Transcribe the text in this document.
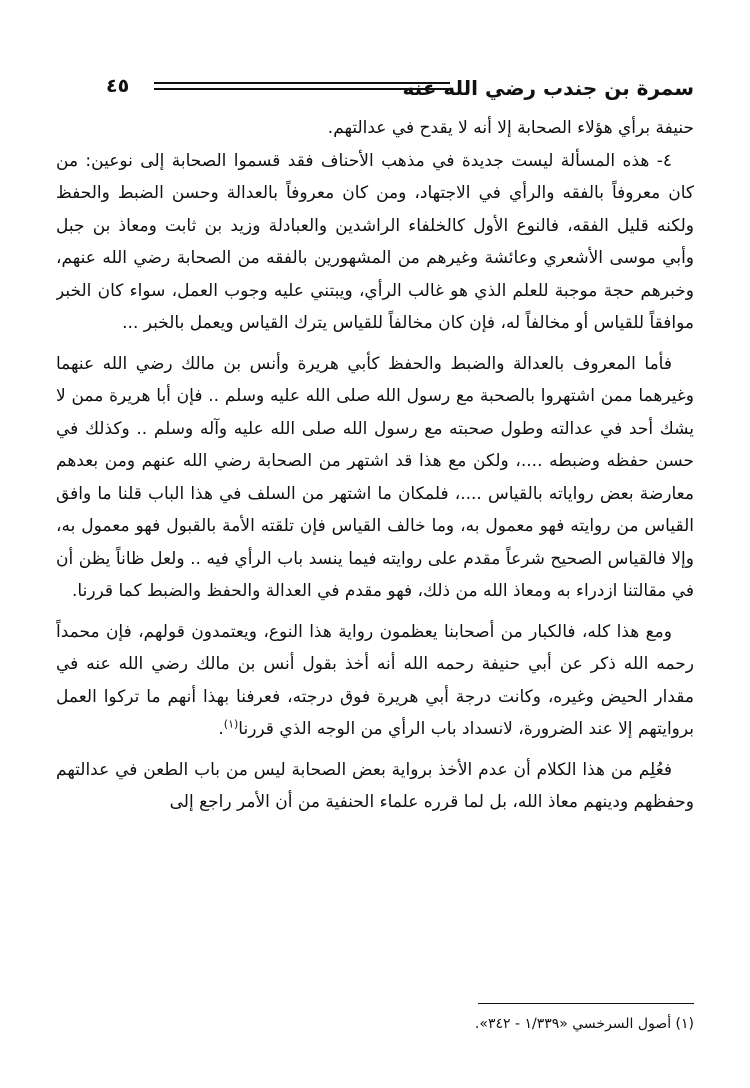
سمرة بن جندب رضي الله عنه
٤٥

حنيفة برأي هؤلاء الصحابة إلا أنه لا يقدح في عدالتهم.

٤- هذه المسألة ليست جديدة في مذهب الأحناف فقد قسموا الصحابة إلى نوعين: من كان معروفاً بالفقه والرأي في الاجتهاد، ومن كان معروفاً بالعدالة وحسن الضبط والحفظ ولكنه قليل الفقه، فالنوع الأول كالخلفاء الراشدين والعبادلة وزيد بن ثابت ومعاذ بن جبل وأبي موسى الأشعري وعائشة وغيرهم من المشهورين بالفقه من الصحابة رضي الله عنهم، وخبرهم حجة موجبة للعلم الذي هو غالب الرأي، ويبتني عليه وجوب العمل، سواء كان الخبر موافقاً للقياس أو مخالفاً له، فإن كان مخالفاً للقياس يترك القياس ويعمل بالخبر ...

فأما المعروف بالعدالة والضبط والحفظ كأبي هريرة وأنس بن مالك رضي الله عنهما وغيرهما ممن اشتهروا بالصحبة مع رسول الله صلى الله عليه وسلم .. فإن أبا هريرة ممن لا يشك أحد في عدالته وطول صحبته مع رسول الله صلى الله عليه وآله وسلم .. وكذلك في حسن حفظه وضبطه ....، ولكن مع هذا قد اشتهر من الصحابة رضي الله عنهم ومن بعدهم معارضة بعض رواياته بالقياس ....، فلمكان ما اشتهر من السلف في هذا الباب قلنا ما وافق القياس من روايته فهو معمول به، وما خالف القياس فإن تلقته الأمة بالقبول فهو معمول به، وإلا فالقياس الصحيح شرعاً مقدم على روايته فيما ينسد باب الرأي فيه .. ولعل ظاناً يظن أن في مقالتنا ازدراء به ومعاذ الله من ذلك، فهو مقدم في العدالة والحفظ والضبط كما قررنا.

ومع هذا كله، فالكبار من أصحابنا يعظمون رواية هذا النوع، ويعتمدون قولهم، فإن محمداً رحمه الله ذكر عن أبي حنيفة رحمه الله أنه أخذ بقول أنس بن مالك رضي الله عنه في مقدار الحيض وغيره، وكانت درجة أبي هريرة فوق درجته، فعرفنا بهذا أنهم ما تركوا العمل بروايتهم إلا عند الضرورة، لانسداد باب الرأي من الوجه الذي قررنا$^{(١)}$.

فعُلِم من هذا الكلام أن عدم الأخذ برواية بعض الصحابة ليس من باب الطعن في عدالتهم وحفظهم ودينهم معاذ الله، بل لما قرره علماء الحنفية من أن الأمر راجع إلى

(١) أصول السرخسي «١/٣٣٩ - ٣٤٢».
